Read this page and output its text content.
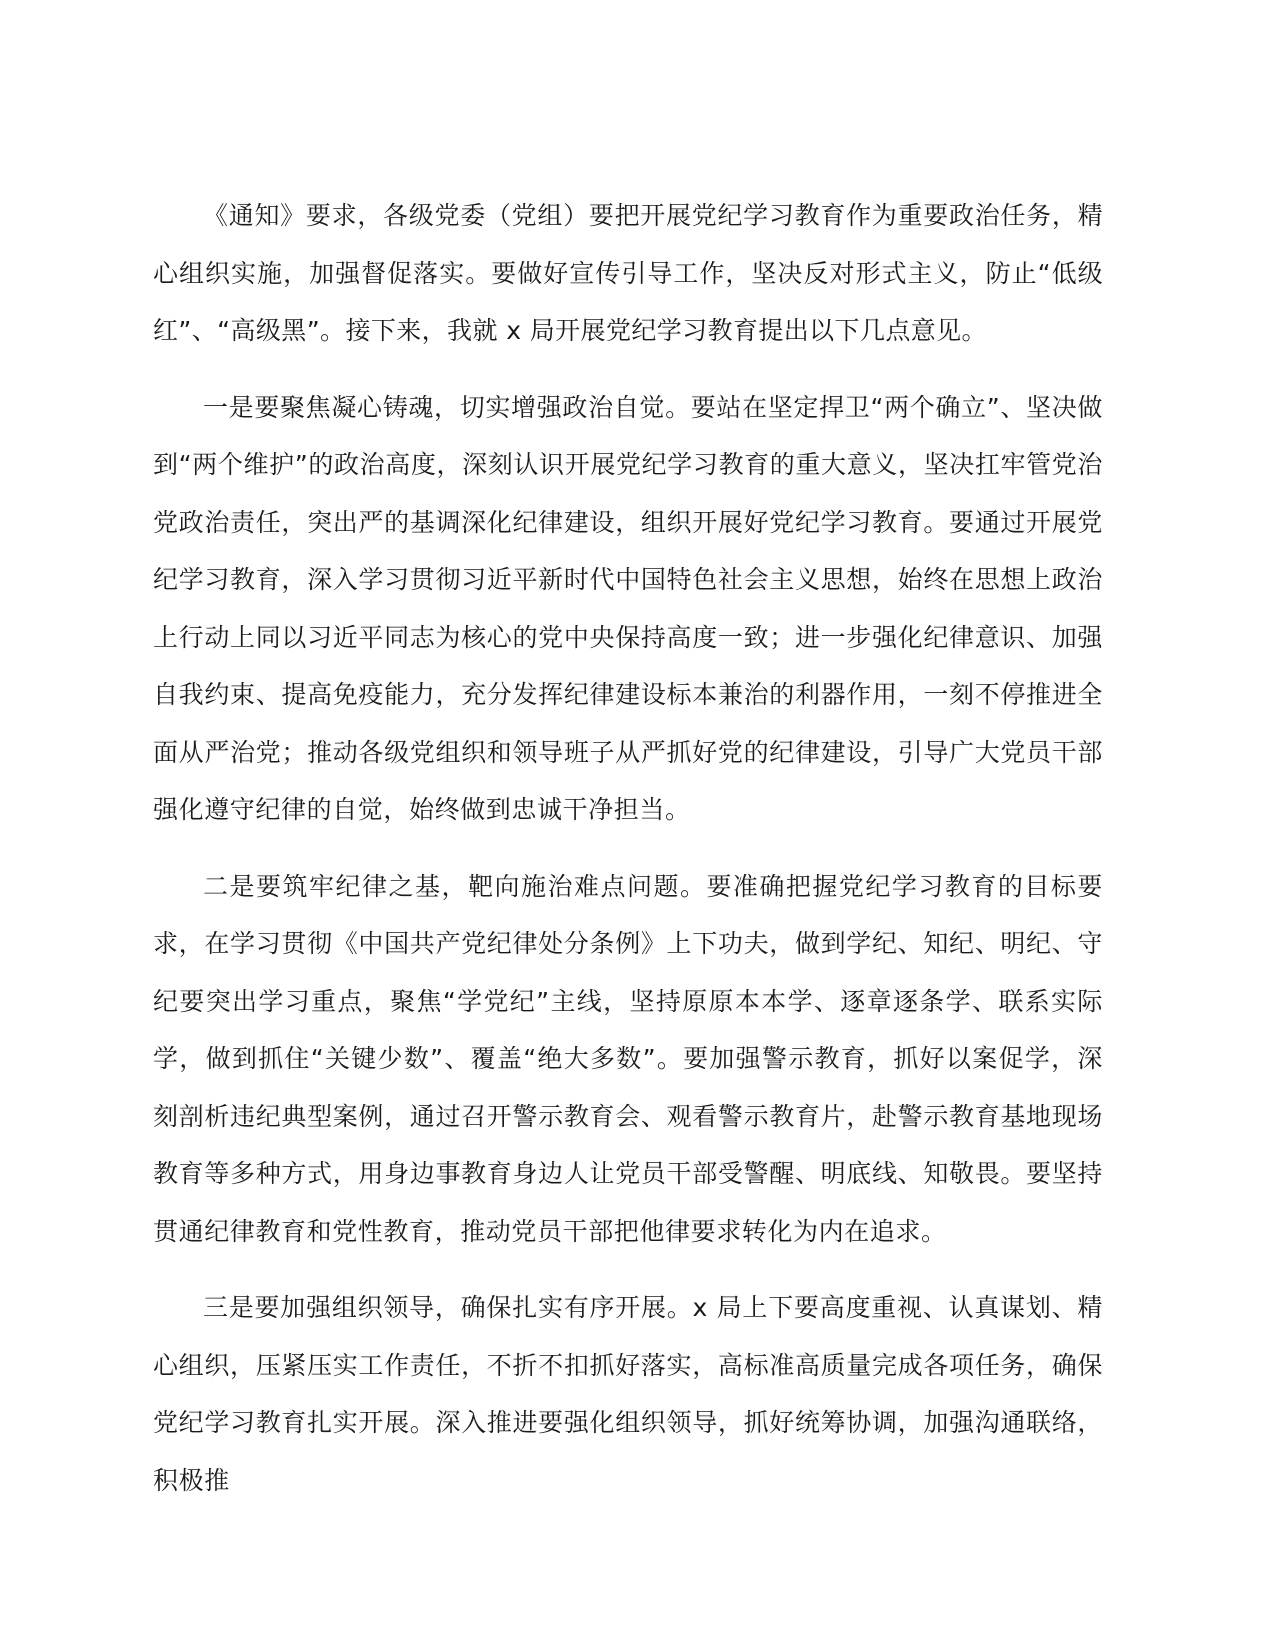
《通知》要求，各级党委（党组）要把开展党纪学习教育作为重要政治任务，精心组织实施，加强督促落实。要做好宣传引导工作，坚决反对形式主义，防止“低级红”、“高级黑”。接下来，我就 x 局开展党纪学习教育提出以下几点意见。

一是要聚焦凝心铸魂，切实增强政治自觉。要站在坚定捍卫“两个确立”、坚决做到“两个维护”的政治高度，深刻认识开展党纪学习教育的重大意义，坚决扛牢管党治党政治责任，突出严的基调深化纪律建设，组织开展好党纪学习教育。要通过开展党纪学习教育，深入学习贯彻习近平新时代中国特色社会主义思想，始终在思想上政治上行动上同以习近平同志为核心的党中央保持高度一致；进一步强化纪律意识、加强自我约束、提高免疫能力，充分发挥纪律建设标本兼治的利器作用，一刻不停推进全面从严治党；推动各级党组织和领导班子从严抓好党的纪律建设，引导广大党员干部强化遵守纪律的自觉，始终做到忠诚干净担当。

二是要筑牢纪律之基，靶向施治难点问题。要准确把握党纪学习教育的目标要求，在学习贯彻《中国共产党纪律处分条例》上下功夫，做到学纪、知纪、明纪、守纪要突出学习重点，聚焦“学党纪”主线，坚持原原本本学、逐章逐条学、联系实际学，做到抓住“关键少数”、覆盖“绝大多数”。要加强警示教育，抓好以案促学，深刻剖析违纪典型案例，通过召开警示教育会、观看警示教育片，赴警示教育基地现场教育等多种方式，用身边事教育身边人让党员干部受警醒、明底线、知敬畏。要坚持贯通纪律教育和党性教育，推动党员干部把他律要求转化为内在追求。

三是要加强组织领导，确保扎实有序开展。x 局上下要高度重视、认真谋划、精心组织，压紧压实工作责任，不折不扣抓好落实，高标准高质量完成各项任务，确保党纪学习教育扎实开展。深入推进要强化组织领导，抓好统筹协调，加强沟通联络，积极推
